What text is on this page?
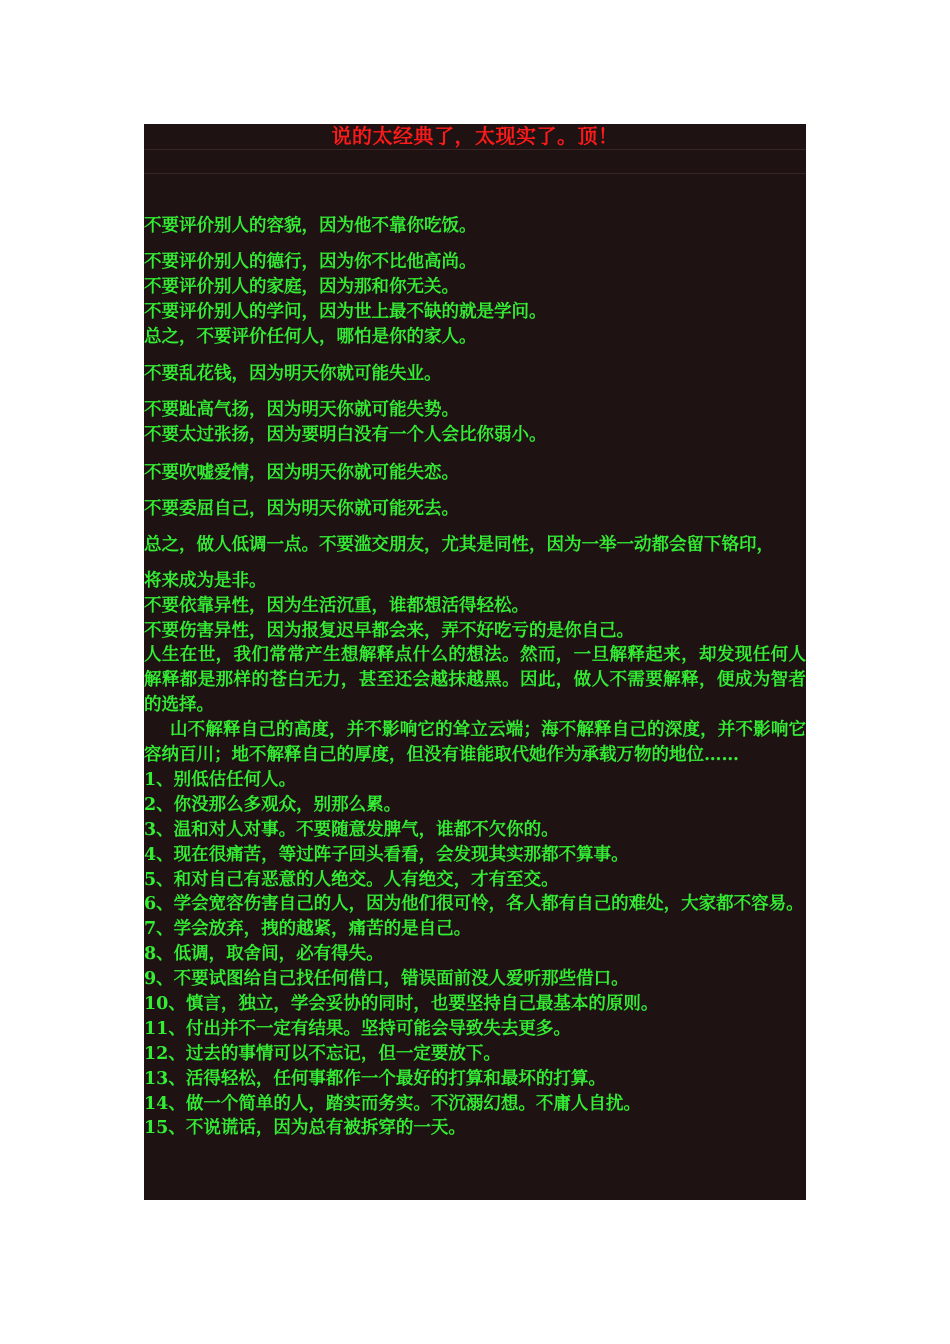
说的太经典了，太现实了。顶！
不要评价别人的容貌，因为他不靠你吃饭。
不要评价别人的德行，因为你不比他高尚。
不要评价别人的家庭，因为那和你无关。
不要评价别人的学问，因为世上最不缺的就是学问。
总之，不要评价任何人，哪怕是你的家人。
不要乱花钱，因为明天你就可能失业。
不要趾高气扬，因为明天你就可能失势。
不要太过张扬，因为要明白没有一个人会比你弱小。
不要吹嘘爱情，因为明天你就可能失恋。
不要委屈自己，因为明天你就可能死去。
总之，做人低调一点。不要滥交朋友，尤其是同性，因为一举一动都会留下铬印，
将来成为是非。
不要依靠异性，因为生活沉重，谁都想活得轻松。
不要伤害异性，因为报复迟早都会来，弄不好吃亏的是你自己。
人生在世，我们常常产生想解释点什么的想法。然而，一旦解释起来，却发现任何人解释都是那样的苍白无力，甚至还会越抹越黑。因此，做人不需要解释，便成为智者的选择。
山不解释自己的高度，并不影响它的耸立云端；海不解释自己的深度，并不影响它容纳百川；地不解释自己的厚度，但没有谁能取代她作为承载万物的地位……
1、别低估任何人。
2、你没那么多观众，别那么累。
3、温和对人对事。不要随意发脾气，谁都不欠你的。
4、现在很痛苦，等过阵子回头看看，会发现其实那都不算事。
5、和对自己有恶意的人绝交。人有绝交，才有至交。
6、学会宽容伤害自己的人，因为他们很可怜，各人都有自己的难处，大家都不容易。
7、学会放弃，拽的越紧，痛苦的是自己。
8、低调，取舍间，必有得失。
9、不要试图给自己找任何借口，错误面前没人爱听那些借口。
10、慎言，独立，学会妥协的同时，也要坚持自己最基本的原则。
11、付出并不一定有结果。坚持可能会导致失去更多。
12、过去的事情可以不忘记，但一定要放下。
13、活得轻松，任何事都作一个最好的打算和最坏的打算。
14、做一个简单的人，踏实而务实。不沉溺幻想。不庸人自扰。
15、不说谎话，因为总有被拆穿的一天。
